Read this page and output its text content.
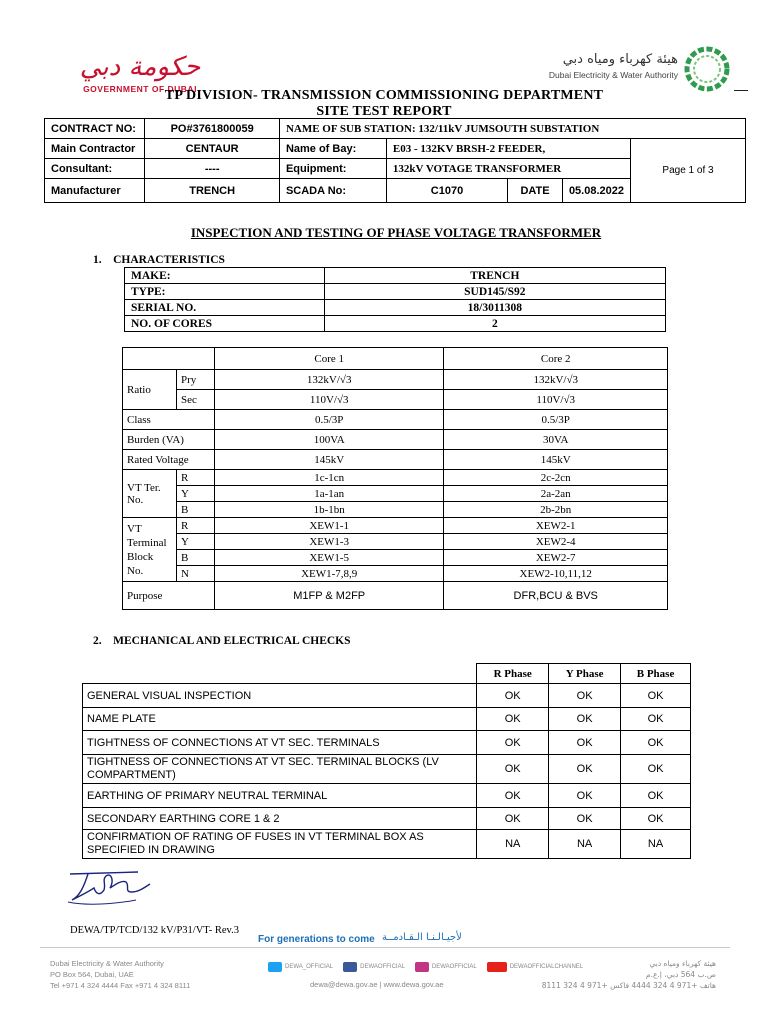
حكومة دبي
GOVERNMENT OF DUBAI
هيئة كهرباء ومياه دبي
Dubai Electricity & Water Authority
TP DIVISION- TRANSMISSION COMMISSIONING DEPARTMENT
SITE TEST REPORT
CONTRACT NO:	PO#3761800059	NAME OF SUB STATION: 132/11kV JUMSOUTH SUBSTATION				
Main Contractor	CENTAUR	Name of Bay:	E03 - 132KV BRSH-2 FEEDER,			Page 1 of 3
Consultant:	----	Equipment:	132kV VOTAGE TRANSFORMER			
Manufacturer	TRENCH	SCADA No:	C1070	DATE	05.08.2022	
INSPECTION AND TESTING OF PHASE VOLTAGE TRANSFORMER
1.    CHARACTERISTICS
MAKE:	TRENCH
TYPE:	SUD145/S92
SERIAL NO.	18/3011308
NO. OF CORES	2
		Core 1	Core 2
Ratio	Pry	132kV/√3	132kV/√3
	Sec	110V/√3	110V/√3
Class		0.5/3P	0.5/3P
Burden (VA)		100VA	30VA
Rated Voltage		145kV	145kV
VT Ter. No.	R	1c-1cn	2c-2cn
	Y	1a-1an	2a-2an
	B	1b-1bn	2b-2bn
VT Terminal Block No.	R	XEW1-1	XEW2-1
	Y	XEW1-3	XEW2-4
	B	XEW1-5	XEW2-7
	N	XEW1-7,8,9	XEW2-10,11,12
Purpose		M1FP & M2FP	DFR,BCU & BVS
2.    MECHANICAL AND ELECTRICAL CHECKS
	R Phase	Y Phase	B Phase
GENERAL VISUAL INSPECTION	OK	OK	OK
NAME PLATE	OK	OK	OK
TIGHTNESS OF CONNECTIONS AT VT SEC. TERMINALS	OK	OK	OK
TIGHTNESS OF CONNECTIONS AT VT SEC. TERMINAL BLOCKS (LV COMPARTMENT)	OK	OK	OK
EARTHING OF PRIMARY NEUTRAL TERMINAL	OK	OK	OK
SECONDARY EARTHING CORE 1 & 2	OK	OK	OK
CONFIRMATION OF RATING OF FUSES IN VT TERMINAL BOX AS SPECIFIED IN DRAWING	NA	NA	NA
DEWA/TP/TCD/132 kV/P31/VT- Rev.3
For generations to come لأجيـالـنـا الـقـادمــة
Dubai Electricity & Water Authority
PO Box 564, Dubai, UAE
Tel +971 4 324 4444 Fax +971 4 324 8111
DEWA_OFFICIAL	DEWAOFFICIAL	DEWAOFFICIAL	DEWAOFFICIALCHANNEL
dewa@dewa.gov.ae | www.dewa.gov.ae
هيئة كهرباء ومياه دبي
ص.ب 564 دبي، إ.ع.م
هاتف +971 4 324 4444 فاكس +971 4 324 8111
